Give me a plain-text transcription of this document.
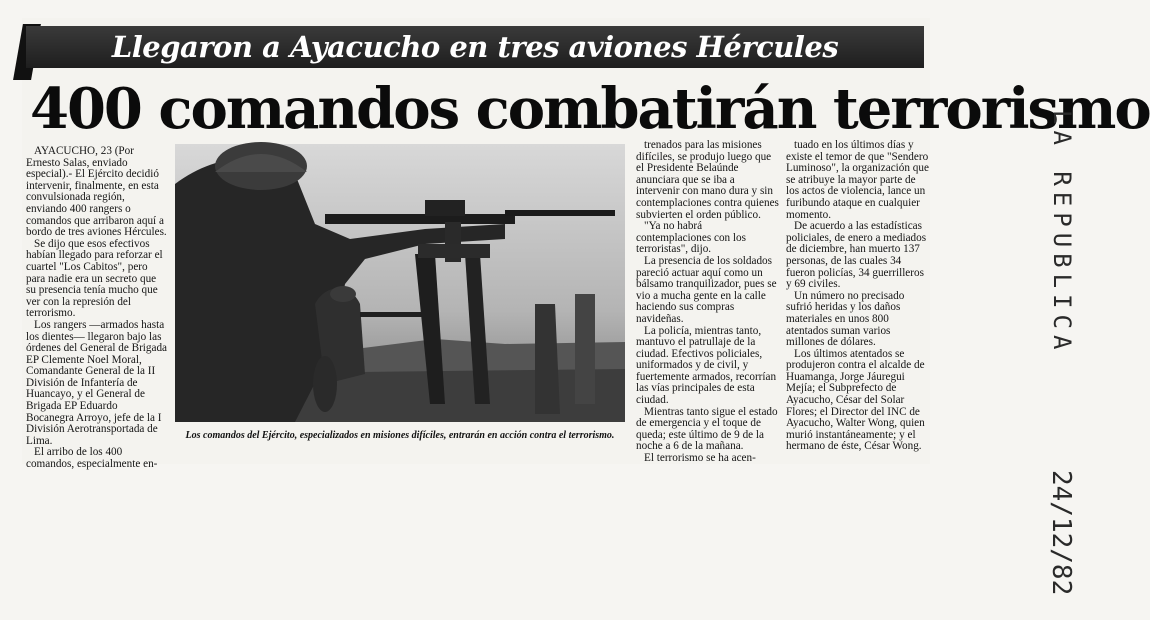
Llegaron a Ayacucho en tres aviones Hércules
400 comandos combatirán terrorismo

AYACUCHO, 23 (Por Ernesto Salas, enviado especial).- El Ejército decidió intervenir, finalmente, en esta convulsionada región, enviando 400 rangers o comandos que arribaron aquí a bordo de tres aviones Hércules.

Se dijo que esos efectivos habían llegado para reforzar el cuartel "Los Cabitos", pero para nadie era un secreto que su presencia tenía mucho que ver con la represión del terrorismo.

Los rangers —armados hasta los dientes— llegaron bajo las órdenes del General de Brigada EP Clemente Noel Moral, Comandante General de la II División de Infantería de Huancayo, y el General de Brigada EP Eduardo Bocanegra Arroyo, jefe de la I División Aerotransportada de Lima.

El arribo de los 400 comandos, especialmente en-

Los comandos del Ejército, especializados en misiones difíciles, entrarán en acción contra el terrorismo.

trenados para las misiones difíciles, se produjo luego que el Presidente Belaúnde anunciara que se iba a intervenir con mano dura y sin contemplaciones contra quienes subvierten el orden público.

"Ya no habrá contemplaciones con los terroristas", dijo.

La presencia de los soldados pareció actuar aquí como un bálsamo tranquilizador, pues se vio a mucha gente en la calle haciendo sus compras navideñas.

La policía, mientras tanto, mantuvo el patrullaje de la ciudad. Efectivos policiales, uniformados y de civil, y fuertemente armados, recorrían las vías principales de esta ciudad.

Mientras tanto sigue el estado de emergencia y el toque de queda; este último de 9 de la noche a 6 de la mañana.

El terrorismo se ha acen-

tuado en los últimos días y existe el temor de que "Sendero Luminoso", la organización que se atribuye la mayor parte de los actos de violencia, lance un furibundo ataque en cualquier momento.

De acuerdo a las estadísticas policiales, de enero a mediados de diciembre, han muerto 137 personas, de las cuales 34 fueron policías, 34 guerrilleros y 69 civiles.

Un número no precisado sufrió heridas y los daños materiales en unos 800 atentados suman varios millones de dólares.

Los últimos atentados se produjeron contra el alcalde de Huamanga, Jorge Jáuregui Mejía; el Subprefecto de Ayacucho, César del Solar Flores; el Director del INC de Ayacucho, Walter Wong, quien murió instantáneamente; y el hermano de éste, César Wong.

LA REPUBLICA
24/12/82
